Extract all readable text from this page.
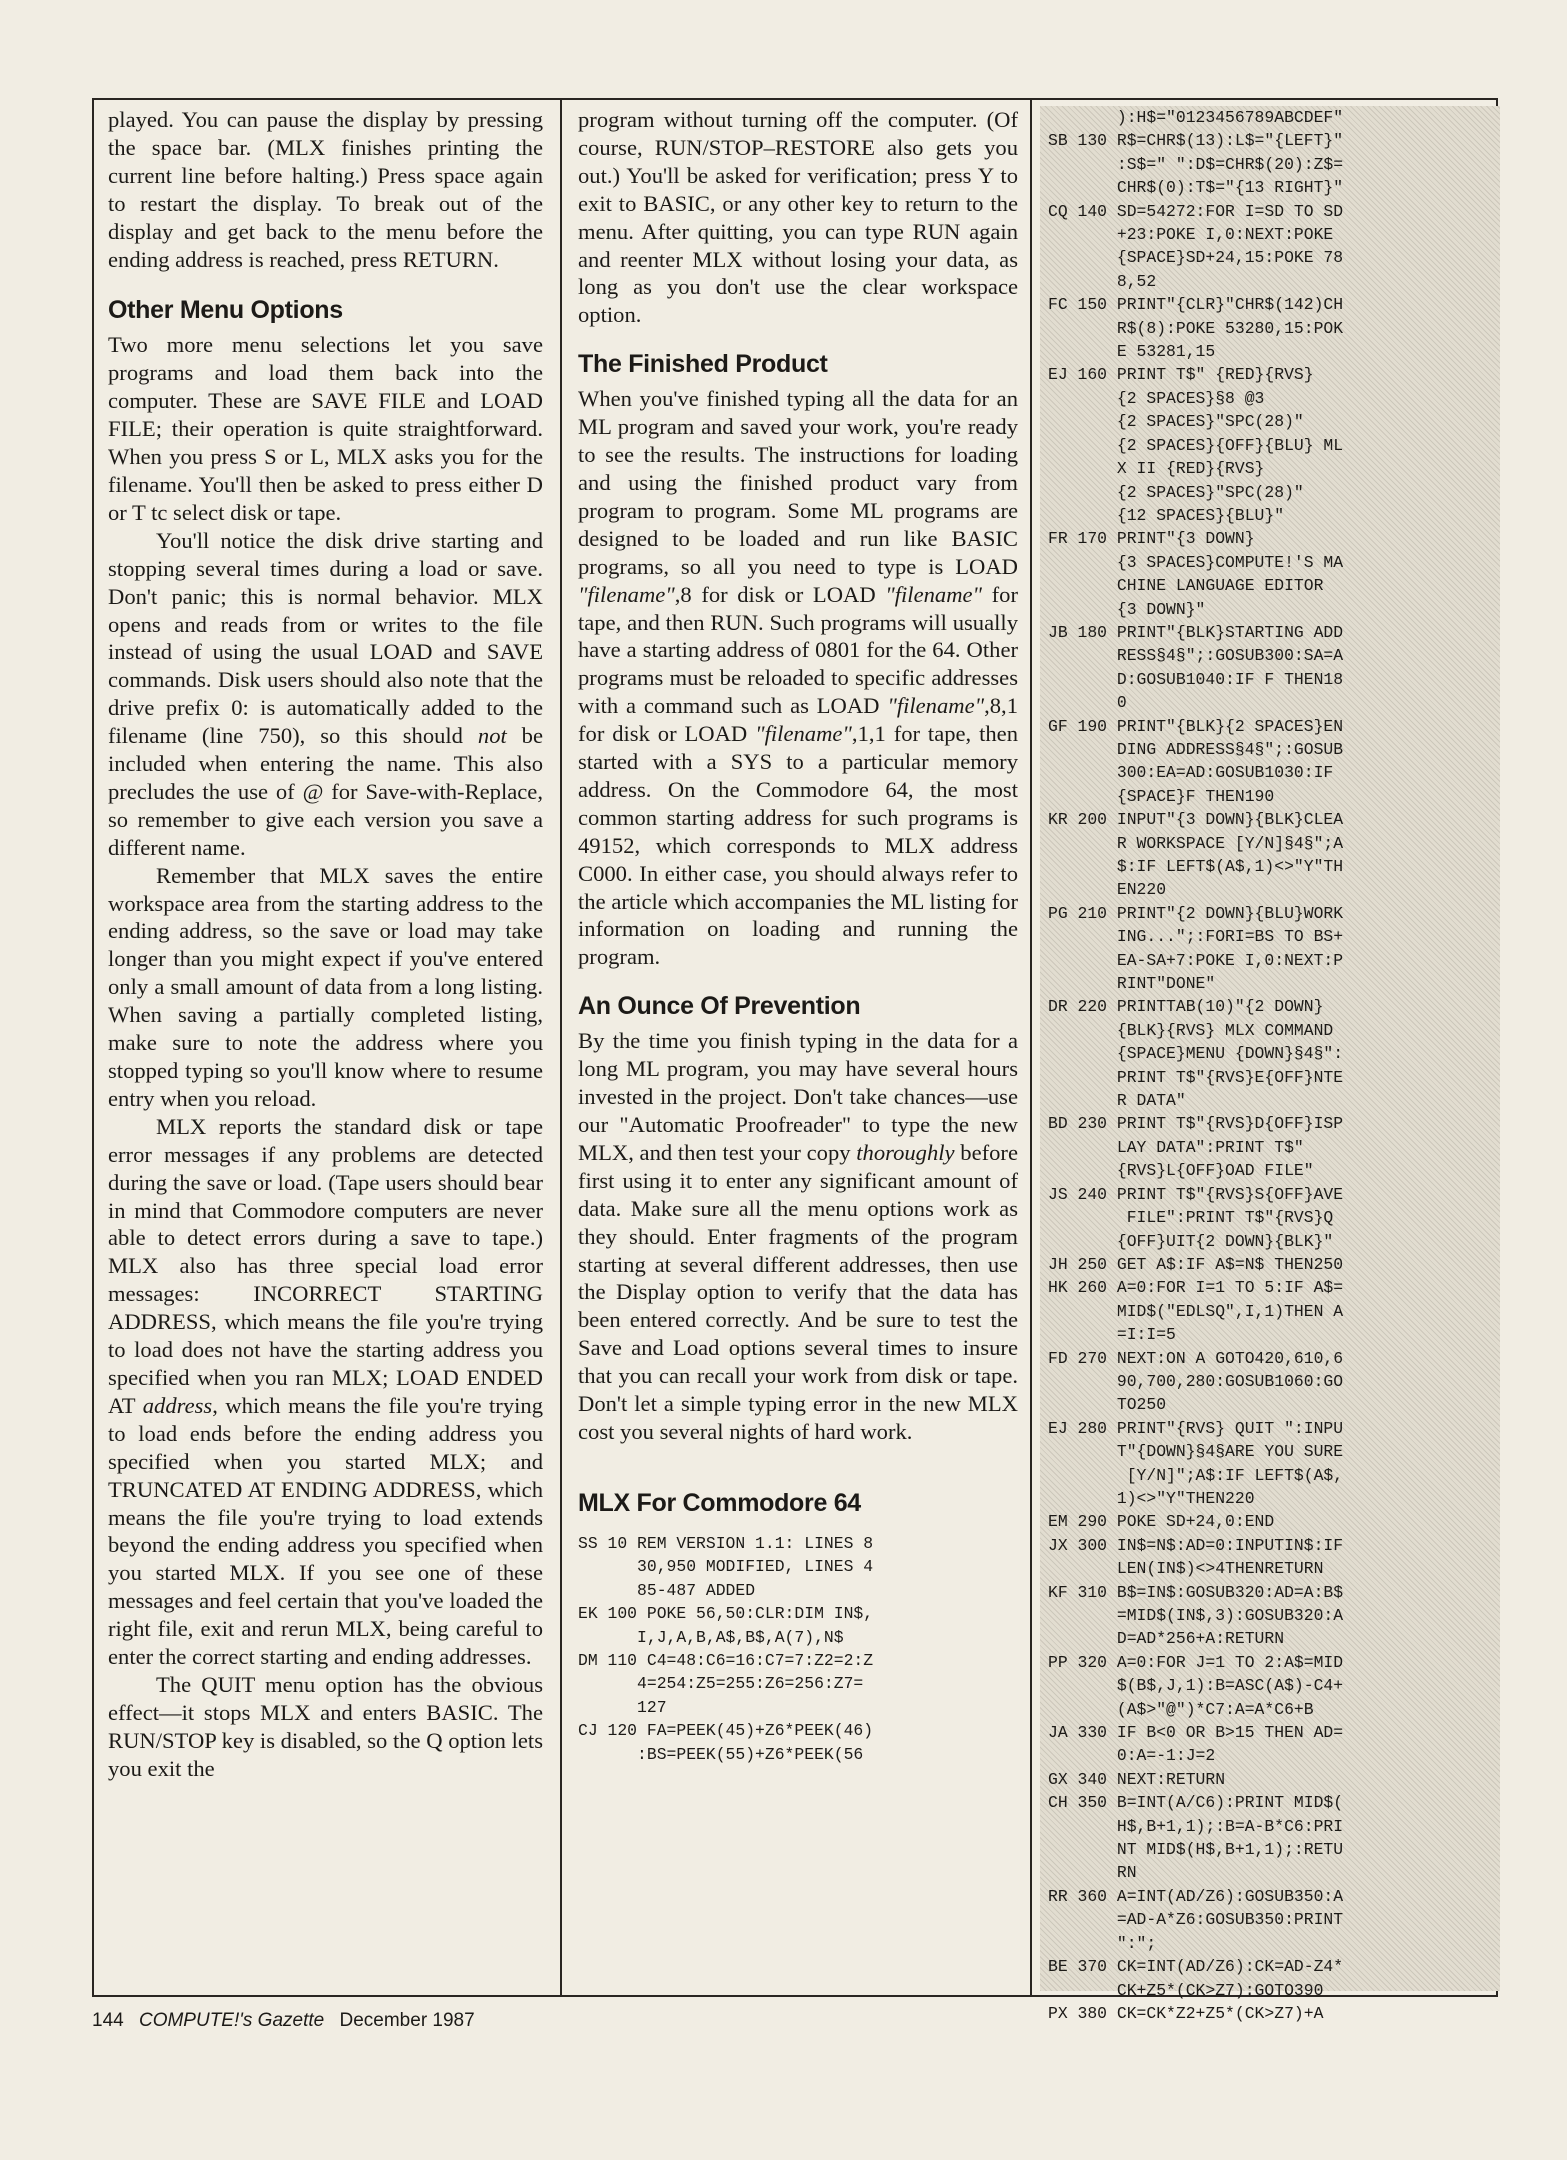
played. You can pause the display by pressing the space bar. (MLX finishes printing the current line before halting.) Press space again to restart the display. To break out of the display and get back to the menu before the ending address is reached, press RETURN.

Other Menu Options

Two more menu selections let you save programs and load them back into the computer. These are SAVE FILE and LOAD FILE; their operation is quite straightforward. When you press S or L, MLX asks you for the filename. You'll then be asked to press either D or T tc select disk or tape.

You'll notice the disk drive starting and stopping several times during a load or save. Don't panic; this is normal behavior. MLX opens and reads from or writes to the file instead of using the usual LOAD and SAVE commands. Disk users should also note that the drive prefix 0: is automatically added to the filename (line 750), so this should not be included when entering the name. This also precludes the use of @ for Save-with-Replace, so remember to give each version you save a different name.

Remember that MLX saves the entire workspace area from the starting address to the ending address, so the save or load may take longer than you might expect if you've entered only a small amount of data from a long listing. When saving a partially completed listing, make sure to note the address where you stopped typing so you'll know where to resume entry when you reload.

MLX reports the standard disk or tape error messages if any problems are detected during the save or load. (Tape users should bear in mind that Commodore computers are never able to detect errors during a save to tape.) MLX also has three special load error messages: INCORRECT STARTING ADDRESS, which means the file you're trying to load does not have the starting address you specified when you ran MLX; LOAD ENDED AT address, which means the file you're trying to load ends before the ending address you specified when you started MLX; and TRUNCATED AT ENDING ADDRESS, which means the file you're trying to load extends beyond the ending address you specified when you started MLX. If you see one of these messages and feel certain that you've loaded the right file, exit and rerun MLX, being careful to enter the correct starting and ending addresses.

The QUIT menu option has the obvious effect—it stops MLX and enters BASIC. The RUN/STOP key is disabled, so the Q option lets you exit the

program without turning off the computer. (Of course, RUN/STOP–RESTORE also gets you out.) You'll be asked for verification; press Y to exit to BASIC, or any other key to return to the menu. After quitting, you can type RUN again and reenter MLX without losing your data, as long as you don't use the clear workspace option.

The Finished Product

When you've finished typing all the data for an ML program and saved your work, you're ready to see the results. The instructions for loading and using the finished product vary from program to program. Some ML programs are designed to be loaded and run like BASIC programs, so all you need to type is LOAD "filename",8 for disk or LOAD "filename" for tape, and then RUN. Such programs will usually have a starting address of 0801 for the 64. Other programs must be reloaded to specific addresses with a command such as LOAD "filename",8,1 for disk or LOAD "filename",1,1 for tape, then started with a SYS to a particular memory address. On the Commodore 64, the most common starting address for such programs is 49152, which corresponds to MLX address C000. In either case, you should always refer to the article which accompanies the ML listing for information on loading and running the program.

An Ounce Of Prevention

By the time you finish typing in the data for a long ML program, you may have several hours invested in the project. Don't take chances—use our "Automatic Proofreader" to type the new MLX, and then test your copy thoroughly before first using it to enter any significant amount of data. Make sure all the menu options work as they should. Enter fragments of the program starting at several different addresses, then use the Display option to verify that the data has been entered correctly. And be sure to test the Save and Load options several times to insure that you can recall your work from disk or tape. Don't let a simple typing error in the new MLX cost you several nights of hard work.

MLX For Commodore 64
SS 10 REM VERSION 1.1: LINES 8
30,950 MODIFIED, LINES 4
85-487 ADDED
EK 100 POKE 56,50:CLR:DIM IN$,
I,J,A,B,A$,B$,A(7),N$
DM 110 C4=48:C6=16:C7=7:Z2=2:Z
4=254:Z5=255:Z6=256:Z7=
127
CJ 120 FA=PEEK(45)+Z6*PEEK(46)
:BS=PEEK(55)+Z6*PEEK(56
):H$="0123456789ABCDEF"
SB 130 R$=CHR$(13):L$="{LEFT}"
:S$=" ":D$=CHR$(20):Z$=
CHR$(0):T$="{13 RIGHT}"
CQ 140 SD=54272:FOR I=SD TO SD
+23:POKE I,0:NEXT:POKE
{SPACE}SD+24,15:POKE 78
8,52
FC 150 PRINT"{CLR}"CHR$(142)CH
R$(8):POKE 53280,15:POK
E 53281,15
EJ 160 PRINT T$" {RED}{RVS}
{2 SPACES}§8 @3
{2 SPACES}"SPC(28)"
{2 SPACES}{OFF}{BLU} ML
X II {RED}{RVS}
{2 SPACES}"SPC(28)"
{12 SPACES}{BLU}"
FR 170 PRINT"{3 DOWN}
{3 SPACES}COMPUTE!'S MA
CHINE LANGUAGE EDITOR
{3 DOWN}"
JB 180 PRINT"{BLK}STARTING ADD
RESS§4§";:GOSUB300:SA=A
D:GOSUB1040:IF F THEN18
0
GF 190 PRINT"{BLK}{2 SPACES}EN
DING ADDRESS§4§";:GOSUB
300:EA=AD:GOSUB1030:IF
{SPACE}F THEN190
KR 200 INPUT"{3 DOWN}{BLK}CLEA
R WORKSPACE [Y/N]§4§";A
$:IF LEFT$(A$,1)<>"Y"TH
EN220
PG 210 PRINT"{2 DOWN}{BLU}WORK
ING...";:FORI=BS TO BS+
EA-SA+7:POKE I,0:NEXT:P
RINT"DONE"
DR 220 PRINTTAB(10)"{2 DOWN}
{BLK}{RVS} MLX COMMAND
{SPACE}MENU {DOWN}§4§":
PRINT T$"{RVS}E{OFF}NTE
R DATA"
BD 230 PRINT T$"{RVS}D{OFF}ISP
LAY DATA":PRINT T$"
{RVS}L{OFF}OAD FILE"
JS 240 PRINT T$"{RVS}S{OFF}AVE
FILE":PRINT T$"{RVS}Q
{OFF}UIT{2 DOWN}{BLK}"
JH 250 GET A$:IF A$=N$ THEN250
HK 260 A=0:FOR I=1 TO 5:IF A$=
MID$("EDLSQ",I,1)THEN A
=I:I=5
FD 270 NEXT:ON A GOTO420,610,6
90,700,280:GOSUB1060:GO
TO250
EJ 280 PRINT"{RVS} QUIT ":INPU
T"{DOWN}§4§ARE YOU SURE
[Y/N]";A$:IF LEFT$(A$,
1)<>"Y"THEN220
EM 290 POKE SD+24,0:END
JX 300 IN$=N$:AD=0:INPUTIN$:IF
LEN(IN$)<>4THENRETURN
KF 310 B$=IN$:GOSUB320:AD=A:B$
=MID$(IN$,3):GOSUB320:A
D=AD*256+A:RETURN
PP 320 A=0:FOR J=1 TO 2:A$=MID
$(B$,J,1):B=ASC(A$)-C4+
(A$>"@")*C7:A=A*C6+B
JA 330 IF B<0 OR B>15 THEN AD=
0:A=-1:J=2
GX 340 NEXT:RETURN
CH 350 B=INT(A/C6):PRINT MID$(
H$,B+1,1);:B=A-B*C6:PRI
NT MID$(H$,B+1,1);:RETU
RN
RR 360 A=INT(AD/Z6):GOSUB350:A
=AD-A*Z6:GOSUB350:PRINT
":";
BE 370 CK=INT(AD/Z6):CK=AD-Z4*
CK+Z5*(CK>Z7):GOTO390
PX 380 CK=CK*Z2+Z5*(CK>Z7)+A
144 COMPUTE!'s Gazette December 1987
